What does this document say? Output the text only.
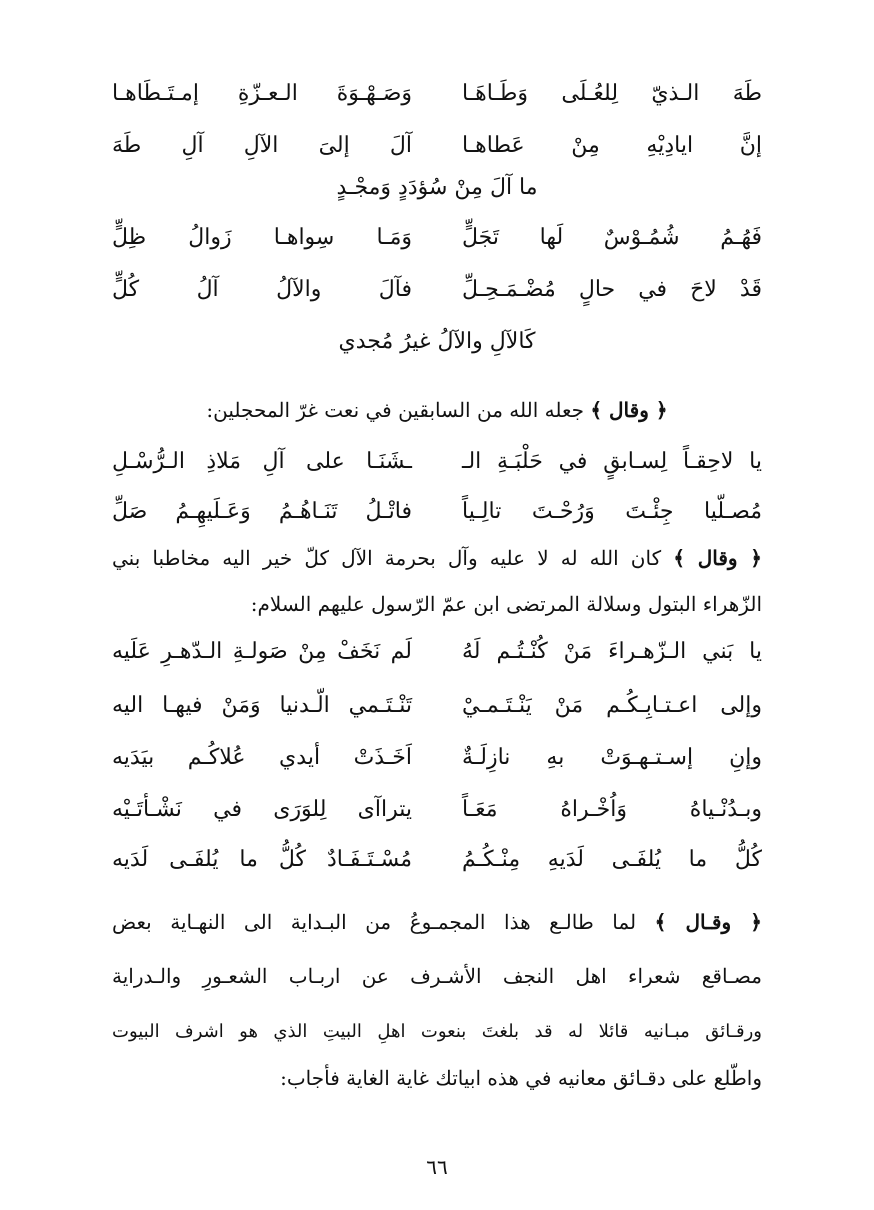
طَهَ الـذيّ لِلعُـلَى وَطَـاهَـا
وَصَـهْـوَةَ الـعـزّةِ إمـتَـطَاهـا
إنَّ ايادِيْهِ مِنْ عَطاهـا
آلَ إلىَ الآلِ آلِ طَهَ
ما آلَ مِنْ سُؤدَدٍ وَمجْـدٍ
فَهُـمُ شُمُـوْسٌ لَها تَجَلٍّ
وَمَـا سِواهـا زَوالُ ظِلٍّ
قَدْ لاحَ في حالٍ مُضْـمَـحِـلِّ
فآلَ والآلُ آلُ كُلٍّ
كَالآلِ والآلُ غيرُ مُجدي
﴿ وقال ﴾ جعله الله من السابقين في نعت غرّ المحجلين:
يا لاحِقـاً لِسـابقٍ في حَلْبَـةِ الـ
ـشَنَـا على آلِ مَلاذِ الـرُّسْـلِ
مُصـلّيا جِئْـتَ وَرُحْـتَ تالِـياً
فاتْـلُ تَنَـاهُـمُ وَعَـلَيهِـمُ صَلِّ
﴿ وقال ﴾ كان الله له لا عليه وآل بحرمة الآل كلّ خير اليه مخاطبا بني
الزّهراء البتول وسلالة المرتضى ابن عمّ الرّسول عليهم السلام:
يا بَني الـزّهـراءَ مَنْ كُنْـتُـم لَهُ
لَم نَخَفْ مِنْ صَولـةِ الـدّهـرِ عَلَيه
وإلى اعـتـابِـكُـم مَنْ يَنْـتَـمـيْ
تَنْـتَـمي الّـدنيا وَمَنْ فيهـا اليه
وإنِ إسـتـهـوَتْ بهِ نازِلَـةٌ
اَخَـذَتْ أيدي عُلاكُـم بيَدَيه
وبـدُنْـياهُ وَاُخْـراهُ مَعَـاً
يتراآى لِلوَرَى في نَشْـأتَـيْه
كُلُّ ما يُلفَـى لَدَيهِ مِنْـكُـمُ
مُسْـتَـفَـادٌ كُلُّ ما يُلفَـى لَدَيه
﴿ وقـال ﴾ لما طالـع هذا المجمـوعُ من البـداية الى النهـاية بعض
مصـاقع شعراء اهل النجف الأشـرف عن اربـاب الشعـورِ والـدراية
ورقـائق مبـانيه قائلا له قد بلغتَ بنعوت اهلِ البيتِ الذي هو اشرف البيوت
واطّلع على دقـائق معانيه في هذه ابياتك غاية الغاية فأجاب:
٦٦
